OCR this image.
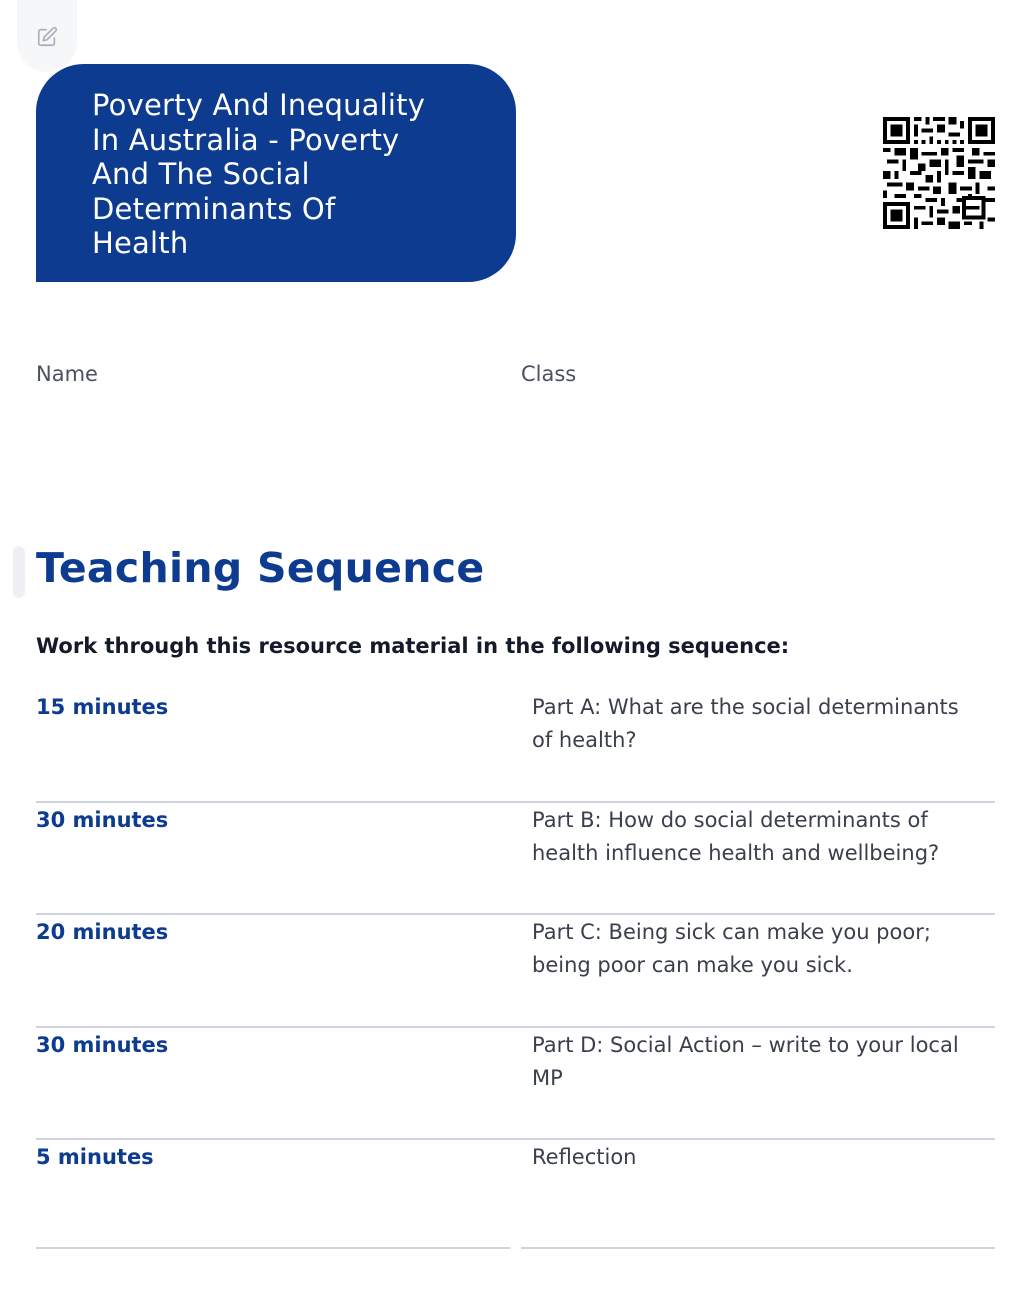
Poverty And Inequality
In Australia - Poverty
And The Social
Determinants Of
Health
Name	Class
Teaching Sequence

Work through this resource material in the following sequence:

15 minutes	Part A: What are the social determinants of health?
30 minutes	Part B: How do social determinants of health influence health and wellbeing?
20 minutes	Part C: Being sick can make you poor; being poor can make you sick.
30 minutes	Part D: Social Action – write to your local MP
5 minutes	Reflection
